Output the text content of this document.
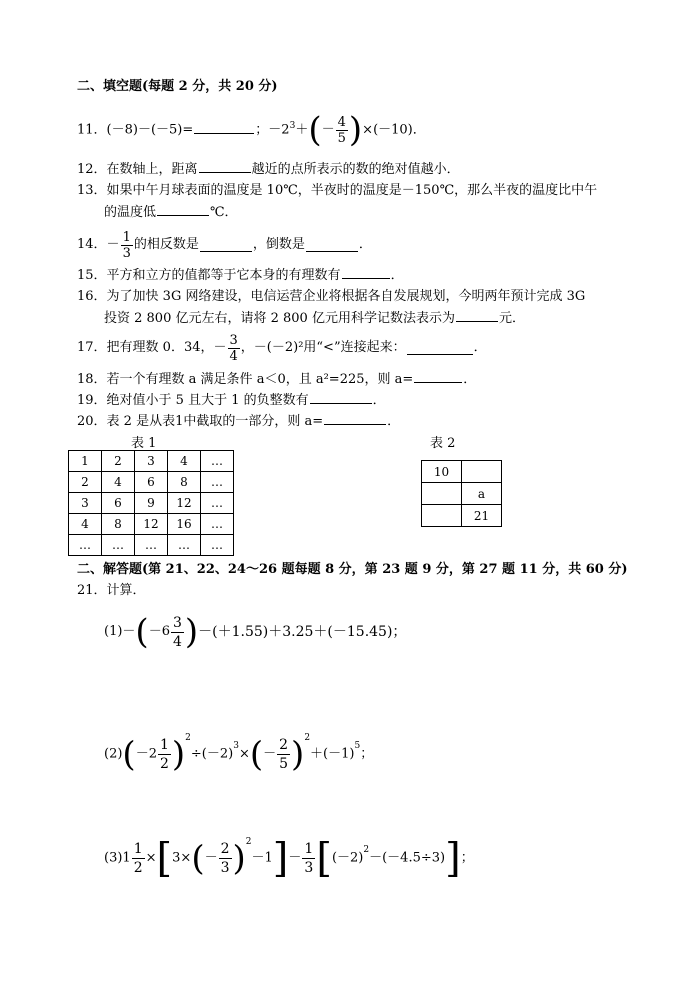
二、填空题(每题 2 分，共 20 分)
11．(－8)－(－5)=	；$-2^3+(- \frac{4}{5} )\times(-10)$．
12．在数轴上，距离	越近的点所表示的数的绝对值越小．
13．如果中午月球表面的温度是 10℃，半夜时的温度是－150℃，那么半夜的温度比中午
的温度低	℃．
14．－ $\frac{1}{3}$ 的相反数是	，倒数是	．
15．平方和立方的值都等于它本身的有理数有	．
16．为了加快 3G 网络建设，电信运营企业将根据各自发展规划，今明两年预计完成 3G
投资 2 800 亿元左右，请将 2 800 亿元用科学记数法表示为	元．
17．把有理数 0．34，－ $\frac{3}{4}$ ，－(－2)²用“<”连接起来：	．
18．若一个有理数 a 满足条件 a＜0，且 a²=225，则 a=	．
19．绝对值小于 5 且大于 1 的负整数有	．
20．表 2 是从表1中截取的一部分，则 a=	．
表 1
1	2	3	4	…
2	4	6	8	…
3	6	9	12	…
4	8	12	16	…
…	…	…	…	…
表 2
10	
	a
	21
二、解答题(第 21、22、24～26 题每题 8 分，第 23 题 9 分，第 27 题 11 分，共 60 分)
21．计算．
$(1)-(-6 \frac{3}{4} )-(+1.55)+3.25+(-15.45)$；
$(2)(-2 \frac{1}{2} )^2\div(-2)^3\times(- \frac{2}{5} )^2+(-1)^5$；
$(3)1 \frac{1}{2} \times[3\times(- \frac{2}{3} )^2-1]- \frac{1}{3} [(-2)^2-(-4.5\div 3)]$；
